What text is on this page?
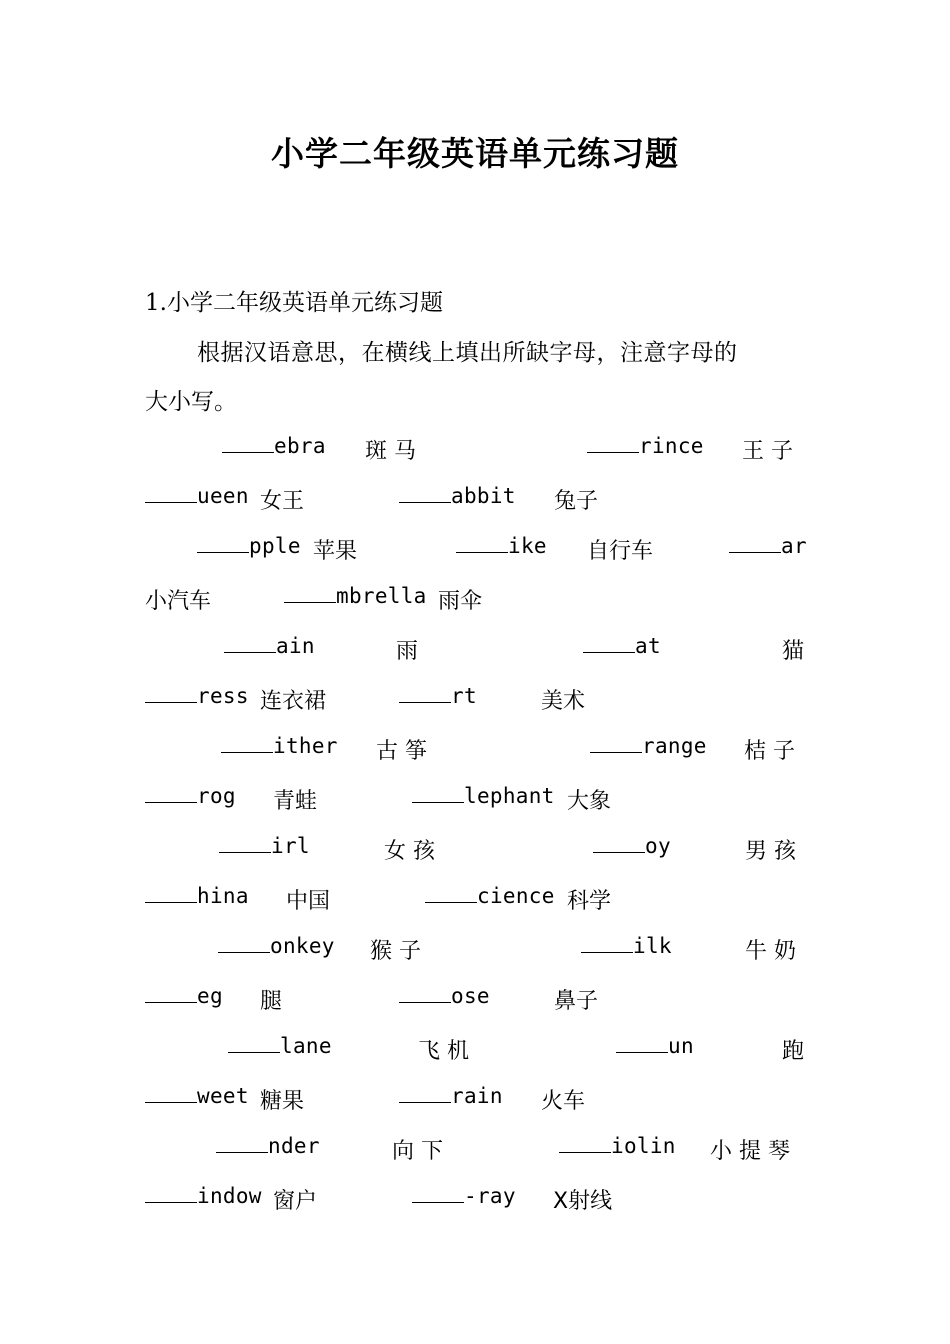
小学二年级英语单元练习题
1.小学二年级英语单元练习题
根据汉语意思，在横线上填出所缺字母，注意字母的
大小写。
ebra 斑 马	rince 王 子
ueen 女王	abbit 兔子
pple 苹果	ike 自行车	ar
小汽车	mbrella 雨伞
ain	雨	at	猫
ress 连衣裙	rt	美术
ither 古 筝	range 桔 子
rog 青蛙	lephant 大象
irl	女 孩	oy	男 孩
hina 中国	cience 科学
onkey 猴 子	ilk	牛 奶
eg 腿	ose	鼻子
lane	飞 机	un	跑
weet 糖果	rain 火车
nder	向 下	iolin 小 提 琴
indow 窗户	-ray X射线
